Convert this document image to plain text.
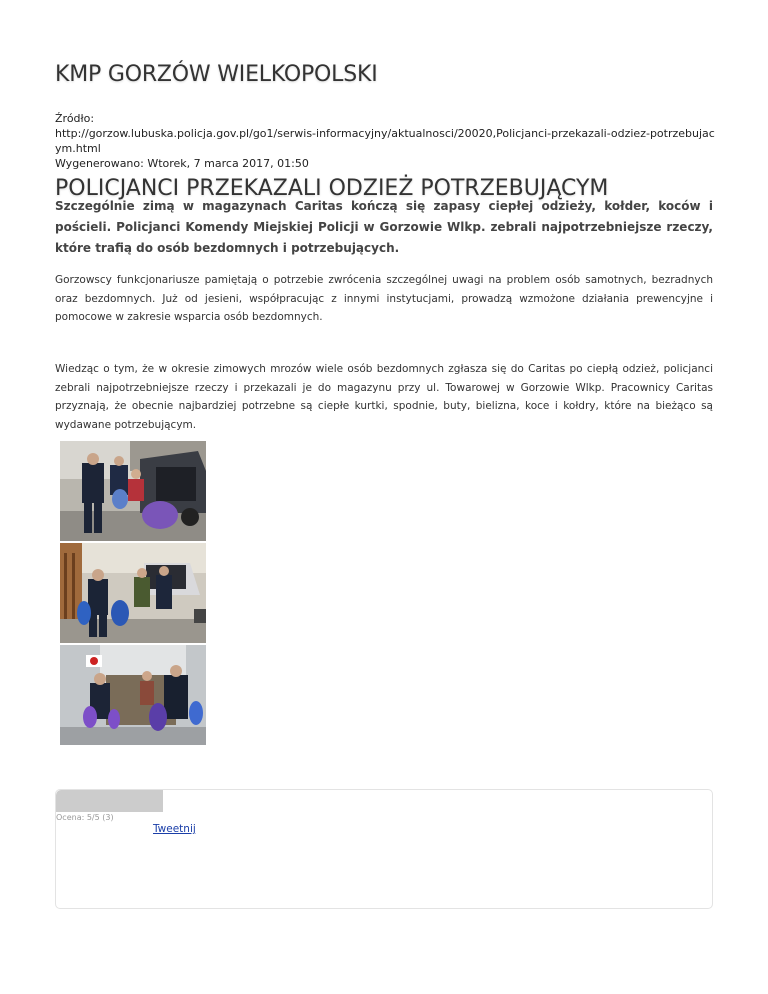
KMP GORZÓW WIELKOPOLSKI
Źródło:
http://gorzow.lubuska.policja.gov.pl/go1/serwis-informacyjny/aktualnosci/20020,Policjanci-przekazali-odziez-potrzebujacym.html
Wygenerowano: Wtorek, 7 marca 2017, 01:50
POLICJANCI PRZEKAZALI ODZIEŻ POTRZEBUJĄCYM

Szczególnie zimą w magazynach Caritas kończą się zapasy ciepłej odzieży, kołder, koców i pościeli. Policjanci Komendy Miejskiej Policji w Gorzowie Wlkp. zebrali najpotrzebniejsze rzeczy, które trafią do osób bezdomnych i potrzebujących.

Gorzowscy funkcjonariusze pamiętają o potrzebie zwrócenia szczególnej uwagi na problem osób samotnych, bezradnych oraz bezdomnych. Już od jesieni, współpracując z innymi instytucjami, prowadzą wzmożone działania prewencyjne i pomocowe w zakresie wsparcia osób bezdomnych.

Wiedząc o tym, że w okresie zimowych mrozów wiele osób bezdomnych zgłasza się do Caritas po ciepłą odzież, policjanci zebrali najpotrzebniejsze rzeczy i przekazali je do magazynu przy ul. Towarowej w Gorzowie Wlkp. Pracownicy Caritas przyznają, że obecnie najbardziej potrzebne są ciepłe kurtki, spodnie, buty, bielizna, koce i kołdry, które na bieżąco są wydawane potrzebującym.

Ocena: 5/5 (3)
Tweetnij
